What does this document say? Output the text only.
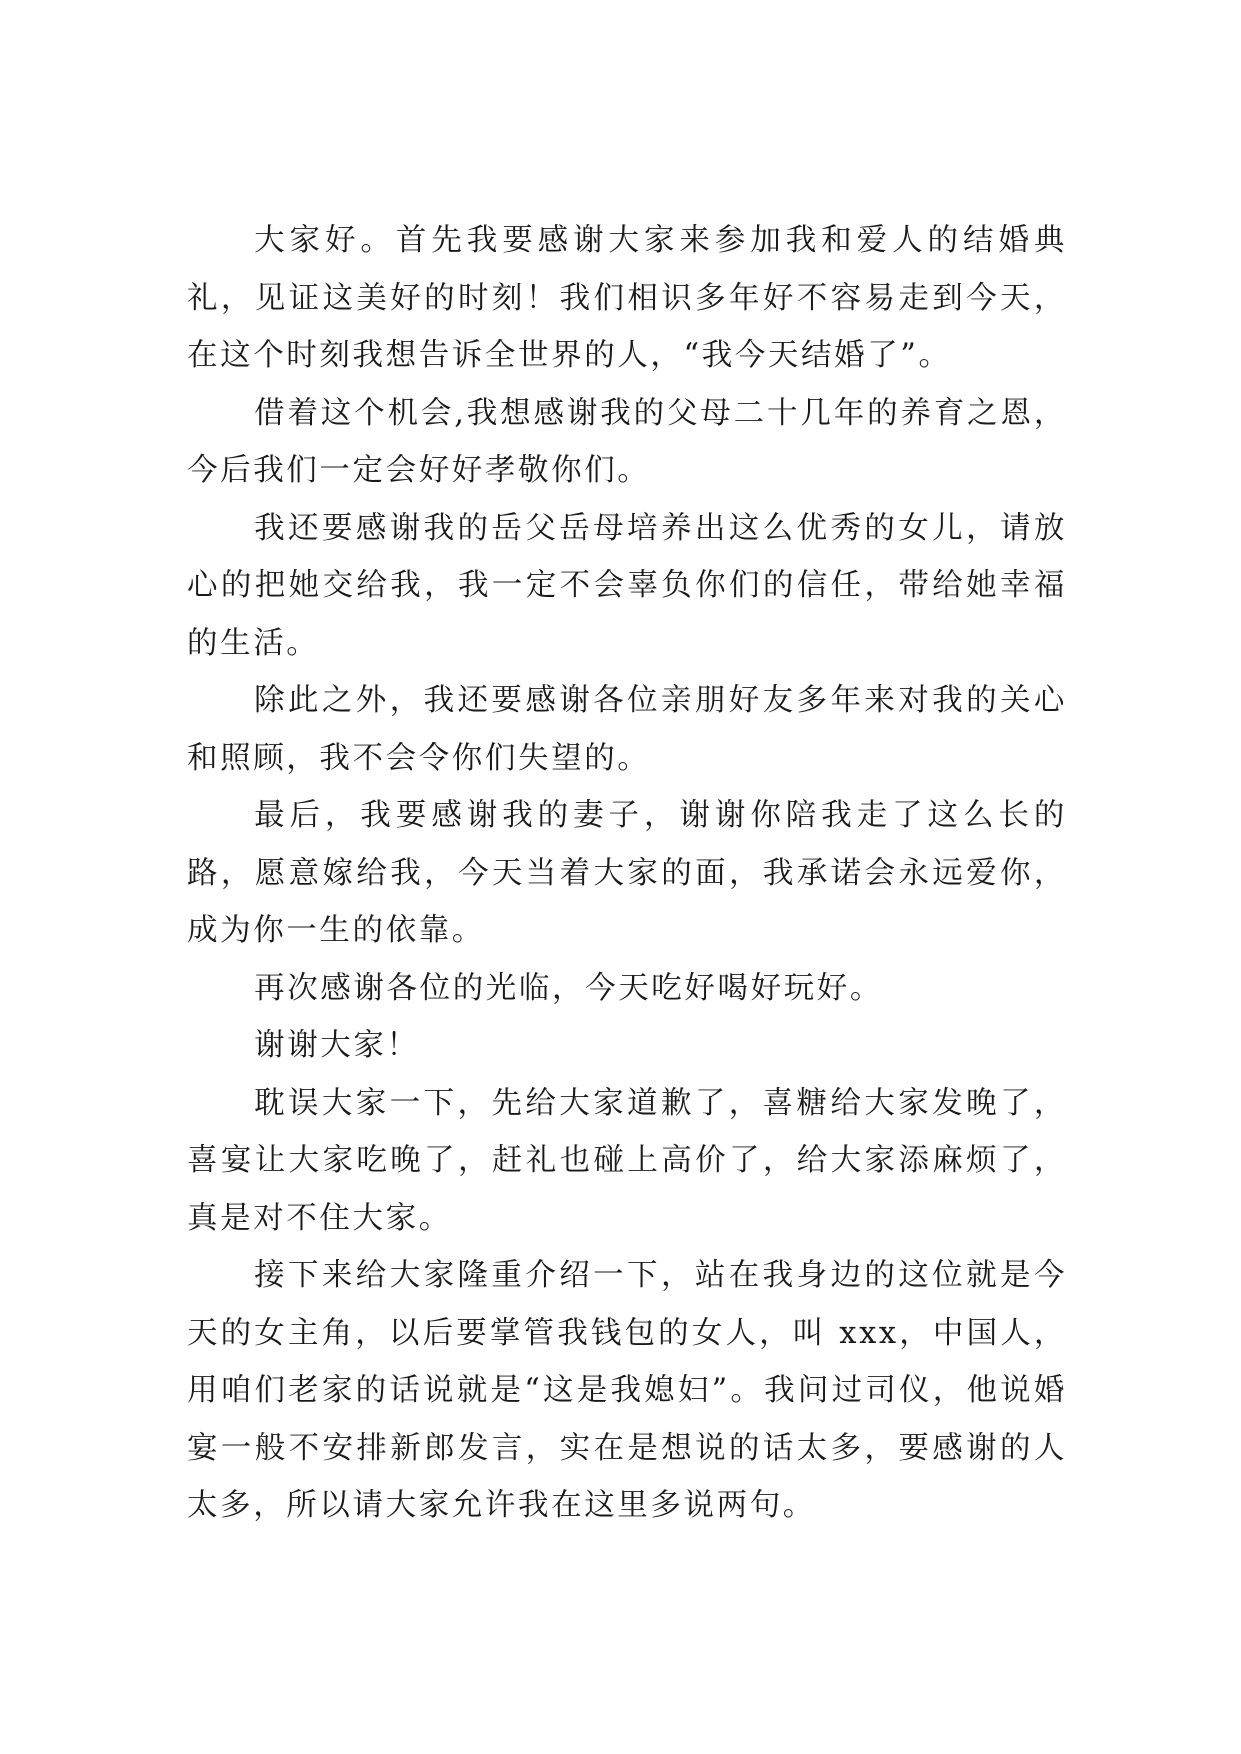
大家好。首先我要感谢大家来参加我和爱人的结婚典礼，见证这美好的时刻！我们相识多年好不容易走到今天，在这个时刻我想告诉全世界的人，“我今天结婚了”。

借着这个机会,我想感谢我的父母二十几年的养育之恩，今后我们一定会好好孝敬你们。

我还要感谢我的岳父岳母培养出这么优秀的女儿，请放心的把她交给我，我一定不会辜负你们的信任，带给她幸福的生活。

除此之外，我还要感谢各位亲朋好友多年来对我的关心和照顾，我不会令你们失望的。

最后，我要感谢我的妻子，谢谢你陪我走了这么长的路，愿意嫁给我，今天当着大家的面，我承诺会永远爱你，成为你一生的依靠。

再次感谢各位的光临，今天吃好喝好玩好。

谢谢大家！

耽误大家一下，先给大家道歉了，喜糖给大家发晚了，喜宴让大家吃晚了，赶礼也碰上高价了，给大家添麻烦了，真是对不住大家。

接下来给大家隆重介绍一下，站在我身边的这位就是今天的女主角，以后要掌管我钱包的女人，叫 xxx，中国人，用咱们老家的话说就是“这是我媳妇”。我问过司仪，他说婚宴一般不安排新郎发言，实在是想说的话太多，要感谢的人太多，所以请大家允许我在这里多说两句。
